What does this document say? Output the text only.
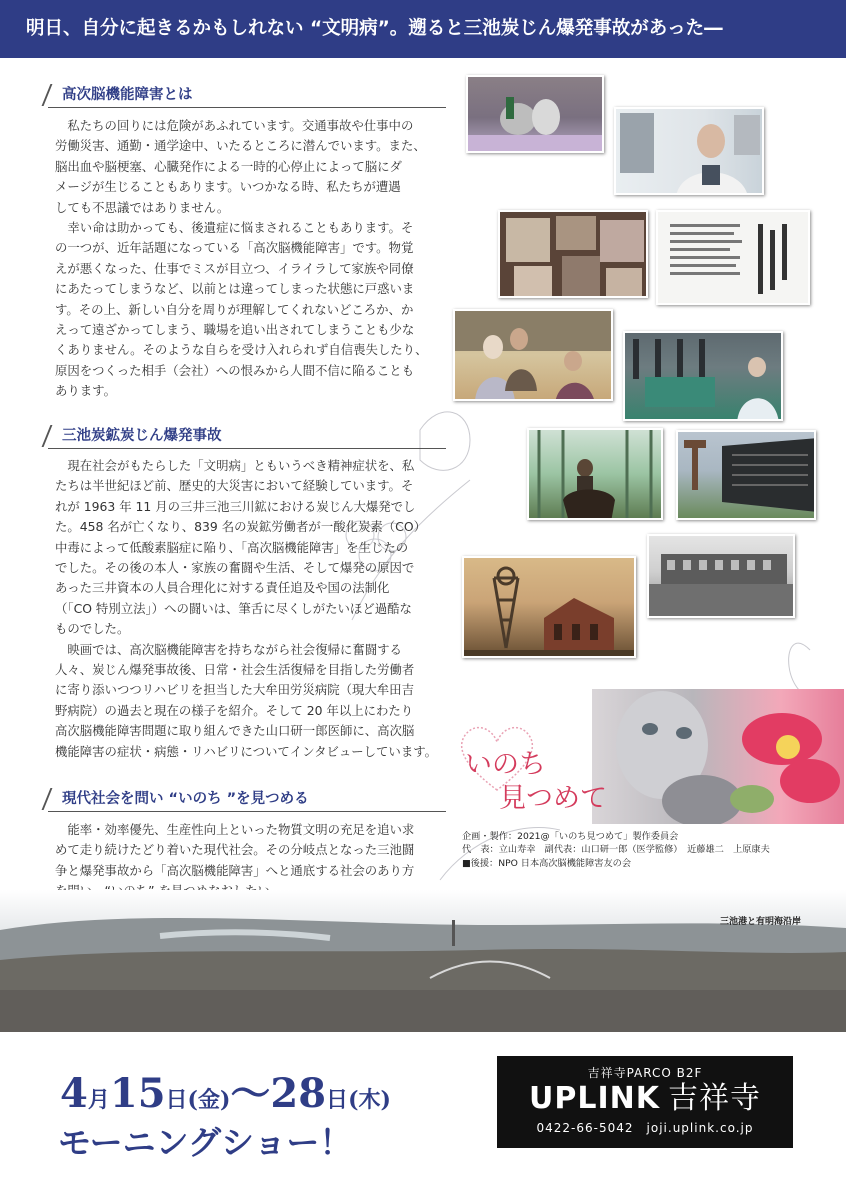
明日、自分に起きるかもしれない “文明病”。遡ると三池炭じん爆発事故があった―
高次脳機能障害とは
　私たちの回りには危険があふれています。交通事故や仕事中の
労働災害、通勤・通学途中、いたるところに潜んでいます。また、
脳出血や脳梗塞、心臓発作による一時的心停止によって脳にダ
メージが生じることもあります。いつかなる時、私たちが遭遇
しても不思議ではありません。
　幸い命は助かっても、後遺症に悩まされることもあります。そ
の一つが、近年話題になっている「高次脳機能障害」です。物覚
えが悪くなった、仕事でミスが目立つ、イライラして家族や同僚
にあたってしまうなど、以前とは違ってしまった状態に戸惑いま
す。その上、新しい自分を周りが理解してくれないどころか、か
えって遠ざかってしまう、職場を追い出されてしまうことも少な
くありません。そのような自らを受け入れられず自信喪失したり、
原因をつくった相手（会社）への恨みから人間不信に陥ることも
あります。
三池炭鉱炭じん爆発事故
　現在社会がもたらした「文明病」ともいうべき精神症状を、私
たちは半世紀ほど前、歴史的大災害において経験しています。そ
れが 1963 年 11 月の三井三池三川鉱における炭じん大爆発でし
た。458 名が亡くなり、839 名の炭鉱労働者が一酸化炭素（CO）
中毒によって低酸素脳症に陥り、「高次脳機能障害」を生じたの
でした。その後の本人・家族の奮闘や生活、そして爆発の原因で
あった三井資本の人員合理化に対する責任追及や国の法制化
（「CO 特別立法」）への闘いは、筆舌に尽くしがたいほど過酷な
ものでした。
　映画では、高次脳機能障害を持ちながら社会復帰に奮闘する
人々、炭じん爆発事故後、日常・社会生活復帰を目指した労働者
に寄り添いつつリハビリを担当した大牟田労災病院（現大牟田吉
野病院）の過去と現在の様子を紹介。そして 20 年以上にわたり
高次脳機能障害問題に取り組んできた山口研一郎医師に、高次脳
機能障害の症状・病態・リハビリについてインタビューしています。
現代社会を問い “いのち ”を見つめる
　能率・効率優先、生産性向上といった物質文明の充足を追い求
めて走り続けたどり着いた現代社会。その分岐点となった三池闘
争と爆発事故から「高次脳機能障害」へと通底する社会のあり方
いのち
見つめて
企画・製作：2021@「いのち見つめて」製作委員会
代　表：立山寿幸　副代表：山口研一郎（医学監修）　近藤雄二　上原康夫
■後援：NPO 日本高次脳機能障害友の会
三池港と有明海沿岸
4月15日(金)～28日(木)
モーニングショー！
吉祥寺PARCO B2F
UPLINK 吉祥寺
0422-66-5042　 joji.uplink.co.jp
